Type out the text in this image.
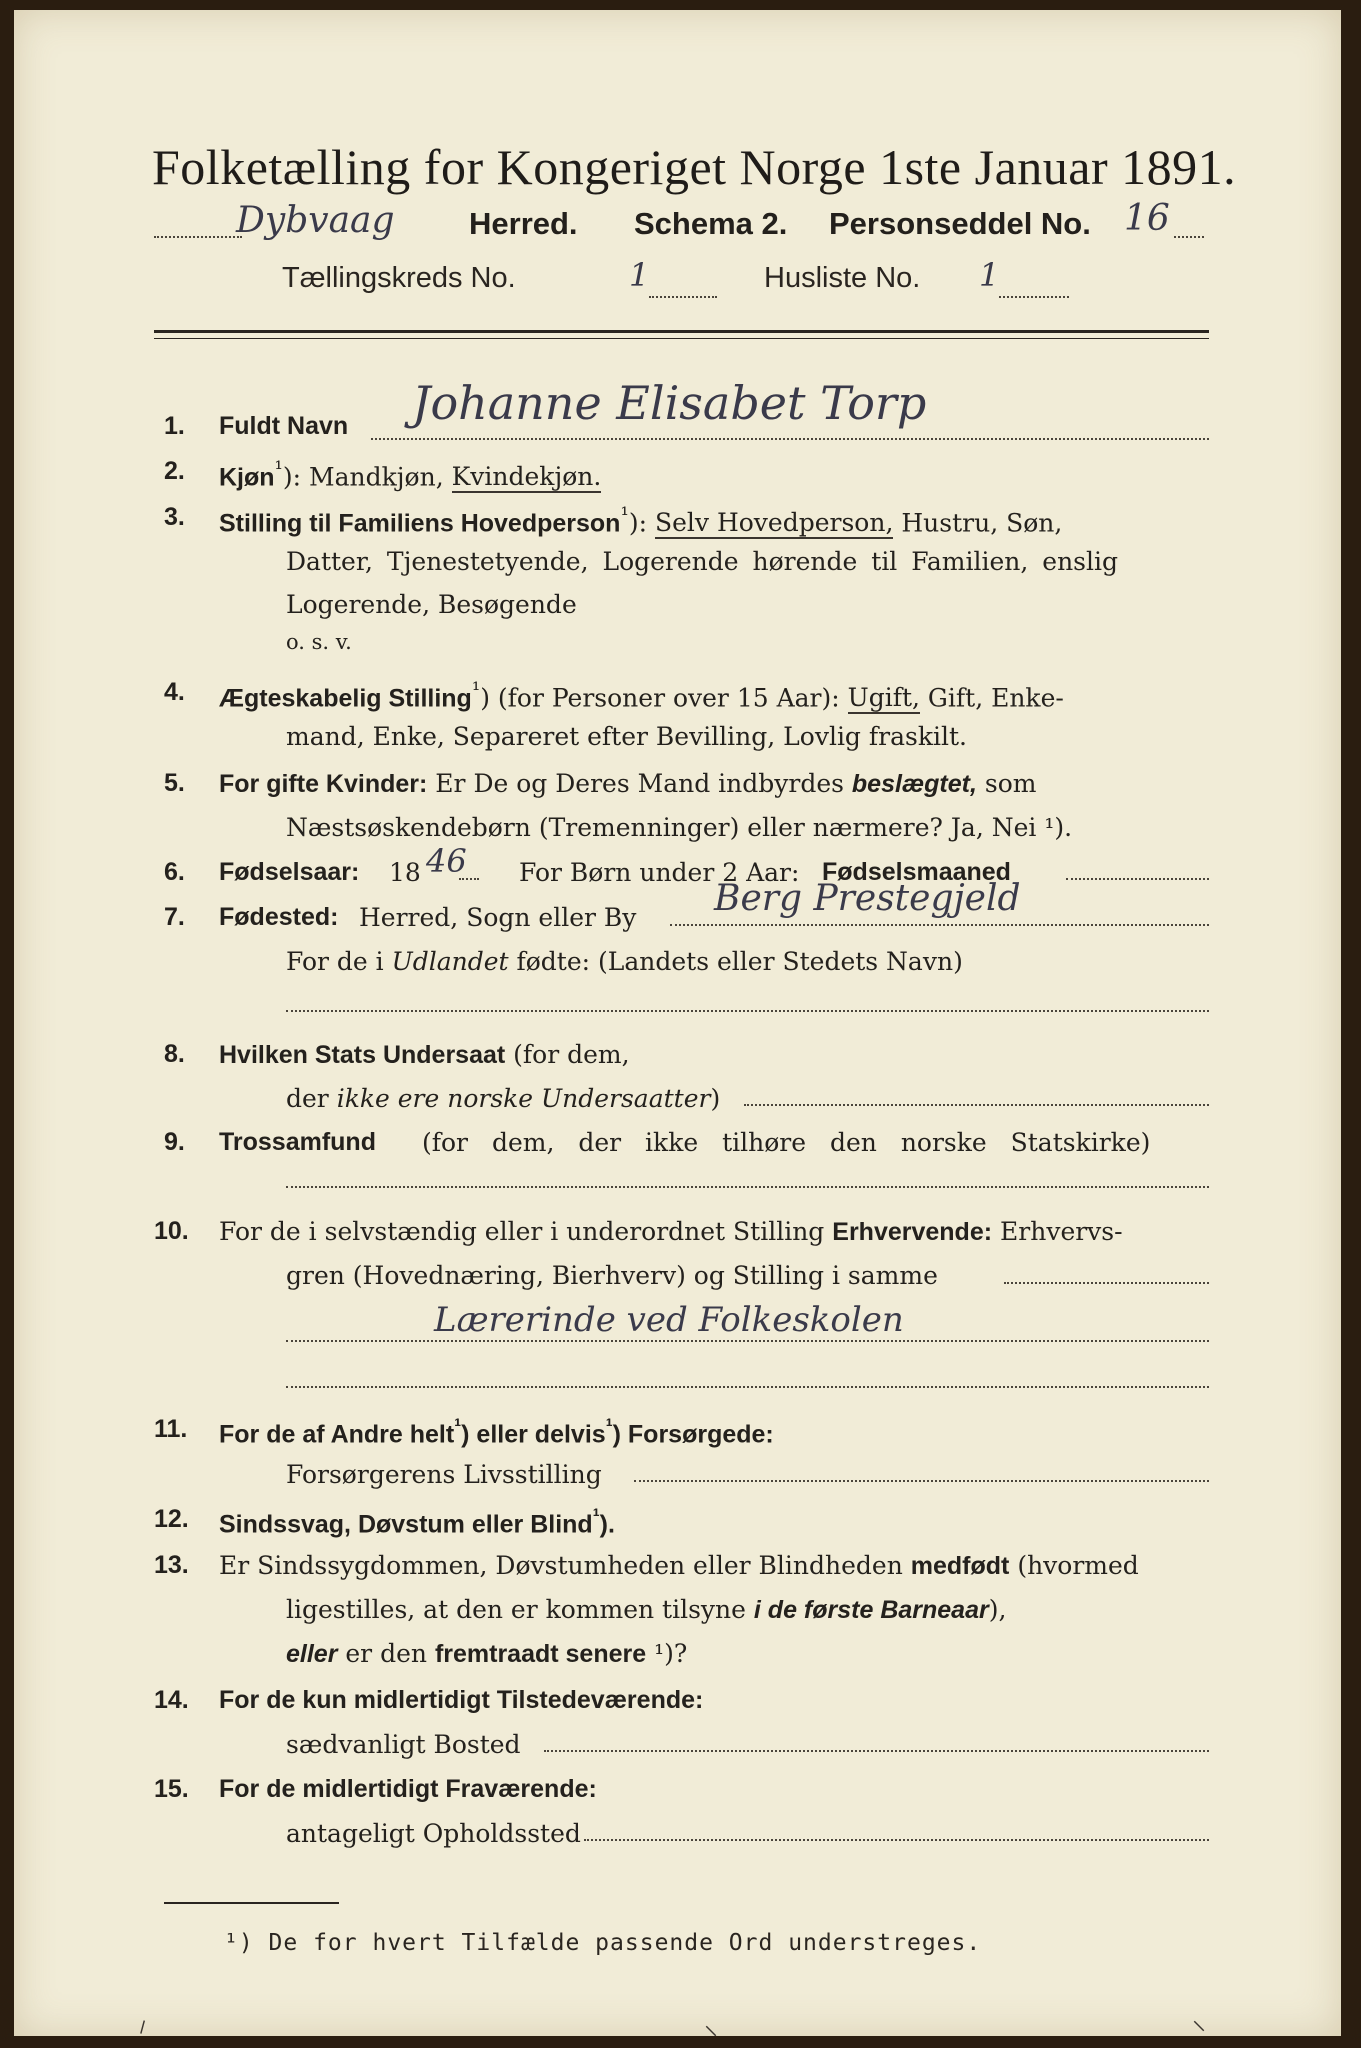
Folketælling for Kongeriget Norge 1ste Januar 1891.
Dybvaag Herred. Schema 2. Personseddel No. 16
Tællingskreds No.	1	Husliste No. 1
1. Fuldt Navn Johanne Elisabet Torp
2. Kjøn$^{^1}$): Mandkjøn, Kvindekjøn.
3. Stilling til Familiens Hovedperson$^{^1}$): Selv Hovedperson, Hustru, Søn,
Datter, Tjenestetyende, Logerende hørende til Familien, enslig
Logerende, Besøgende
o. s. v.
4. Ægteskabelig Stilling$^{^1}$) (for Personer over 15 Aar): Ugift, Gift, Enke-
mand, Enke, Separeret efter Bevilling, Lovlig fraskilt.
5. For gifte Kvinder: Er De og Deres Mand indbyrdes beslægtet, som
Næstsøskendebørn (Tremenninger) eller nærmere? Ja, Nei ¹).
6. Fødselsaar: 18 46 For Børn under 2 Aar: Fødselsmaaned
7. Fødested: Herred, Sogn eller By Berg Prestegjeld
For de i Udlandet fødte: (Landets eller Stedets Navn)
8. Hvilken Stats Undersaat (for dem,
der ikke ere norske Undersaatter)
9. Trossamfund (for dem, der ikke tilhøre den norske Statskirke)
10. For de i selvstændig eller i underordnet Stilling Erhvervende: Erhvervs-
gren (Hovednæring, Bierhverv) og Stilling i samme
Lærerinde ved Folkeskolen
11. For de af Andre helt$^{^1}$) eller delvis$^{^1}$) Forsørgede:
Forsørgerens Livsstilling
12. Sindssvag, Døvstum eller Blind$^{^1}$).
13. Er Sindssygdommen, Døvstumheden eller Blindheden medfødt (hvormed
ligestilles, at den er kommen tilsyne i de første Barneaar),
eller er den fremtraadt senere ¹)?
14. For de kun midlertidigt Tilstedeværende:
sædvanligt Bosted
15. For de midlertidigt Fraværende:
antageligt Opholdssted
¹) De for hvert Tilfælde passende Ord understreges.
⸝	⸜	⸜
